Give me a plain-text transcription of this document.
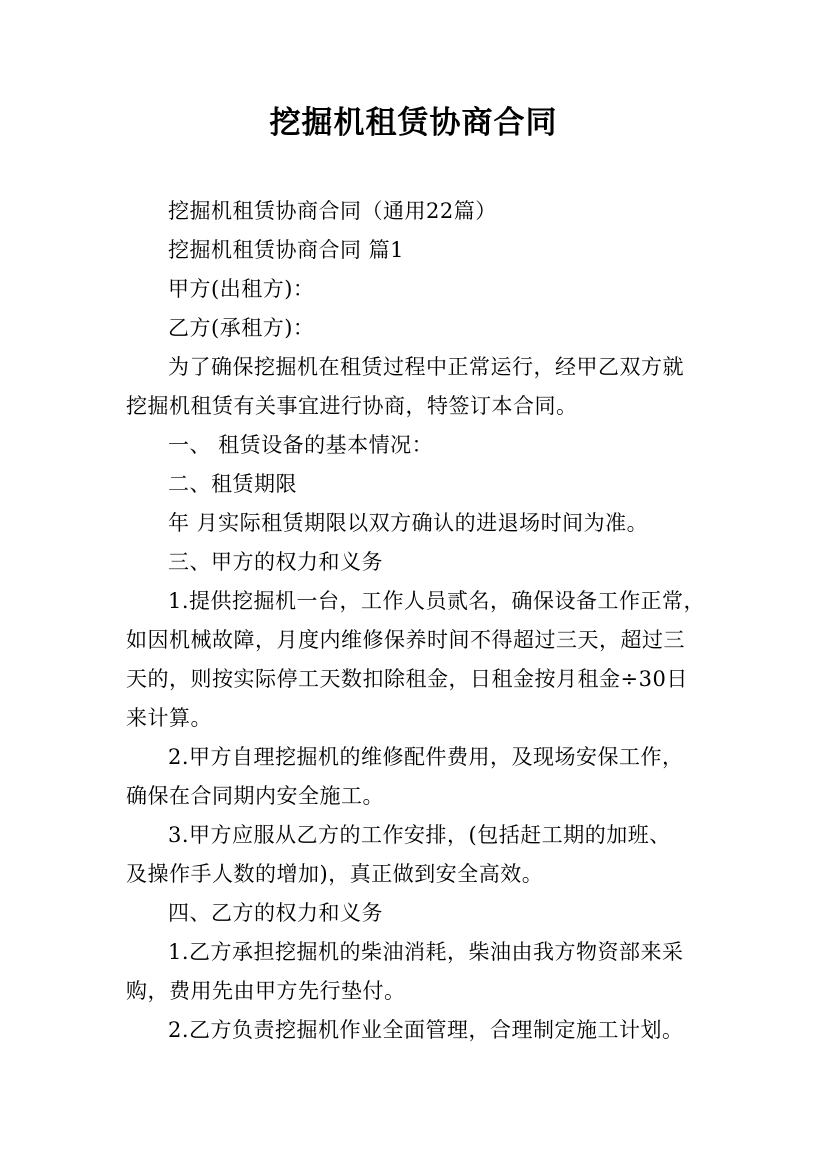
挖掘机租赁协商合同
挖掘机租赁协商合同（通用22篇）
挖掘机租赁协商合同 篇1
甲方(出租方)：
乙方(承租方)：
为了确保挖掘机在租赁过程中正常运行，经甲乙双方就
挖掘机租赁有关事宜进行协商，特签订本合同。
一、 租赁设备的基本情况：
二、租赁期限
年 月实际租赁期限以双方确认的进退场时间为准。
三、甲方的权力和义务
1.提供挖掘机一台，工作人员贰名，确保设备工作正常，
如因机械故障，月度内维修保养时间不得超过三天，超过三
天的，则按实际停工天数扣除租金，日租金按月租金÷30日
来计算。
2.甲方自理挖掘机的维修配件费用，及现场安保工作，
确保在合同期内安全施工。
3.甲方应服从乙方的工作安排，(包括赶工期的加班、
及操作手人数的增加)，真正做到安全高效。
四、乙方的权力和义务
1.乙方承担挖掘机的柴油消耗，柴油由我方物资部来采
购，费用先由甲方先行垫付。
2.乙方负责挖掘机作业全面管理，合理制定施工计划。
